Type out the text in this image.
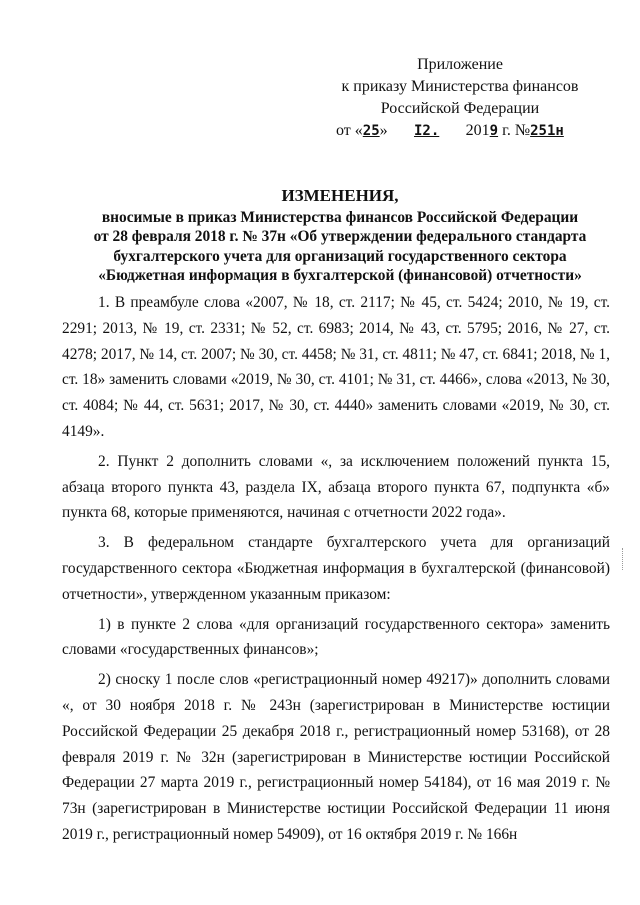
Приложение
к приказу Министерства финансов
Российской Федерации
от «25» I2. 2019 г. №251н
ИЗМЕНЕНИЯ,
вносимые в приказ Министерства финансов Российской Федерации
от 28 февраля 2018 г. № 37н «Об утверждении федерального стандарта
бухгалтерского учета для организаций государственного сектора
«Бюджетная информация в бухгалтерской (финансовой) отчетности»

1. В преамбуле слова «2007, № 18, ст. 2117; № 45, ст. 5424; 2010, № 19, ст. 2291; 2013, № 19, ст. 2331; № 52, ст. 6983; 2014, № 43, ст. 5795; 2016, № 27, ст. 4278; 2017, № 14, ст. 2007; № 30, ст. 4458; № 31, ст. 4811; № 47, ст. 6841; 2018, № 1, ст. 18» заменить словами «2019, № 30, ст. 4101; № 31, ст. 4466», слова «2013, № 30, ст. 4084; № 44, ст. 5631; 2017, № 30, ст. 4440» заменить словами «2019, № 30, ст. 4149».

2. Пункт 2 дополнить словами «, за исключением положений пункта 15, абзаца второго пункта 43, раздела IX, абзаца второго пункта 67, подпункта «б» пункта 68, которые применяются, начиная с отчетности 2022 года».

3. В федеральном стандарте бухгалтерского учета для организаций государственного сектора «Бюджетная информация в бухгалтерской (финансовой) отчетности», утвержденном указанным приказом:

1) в пункте 2 слова «для организаций государственного сектора» заменить словами «государственных финансов»;

2) сноску 1 после слов «регистрационный номер 49217)» дополнить словами «, от 30 ноября 2018 г. № 243н (зарегистрирован в Министерстве юстиции Российской Федерации 25 декабря 2018 г., регистрационный номер 53168), от 28 февраля 2019 г. № 32н (зарегистрирован в Министерстве юстиции Российской Федерации 27 марта 2019 г., регистрационный номер 54184), от 16 мая 2019 г. № 73н (зарегистрирован в Министерстве юстиции Российской Федерации 11 июня 2019 г., регистрационный номер 54909), от 16 октября 2019 г. № 166н
